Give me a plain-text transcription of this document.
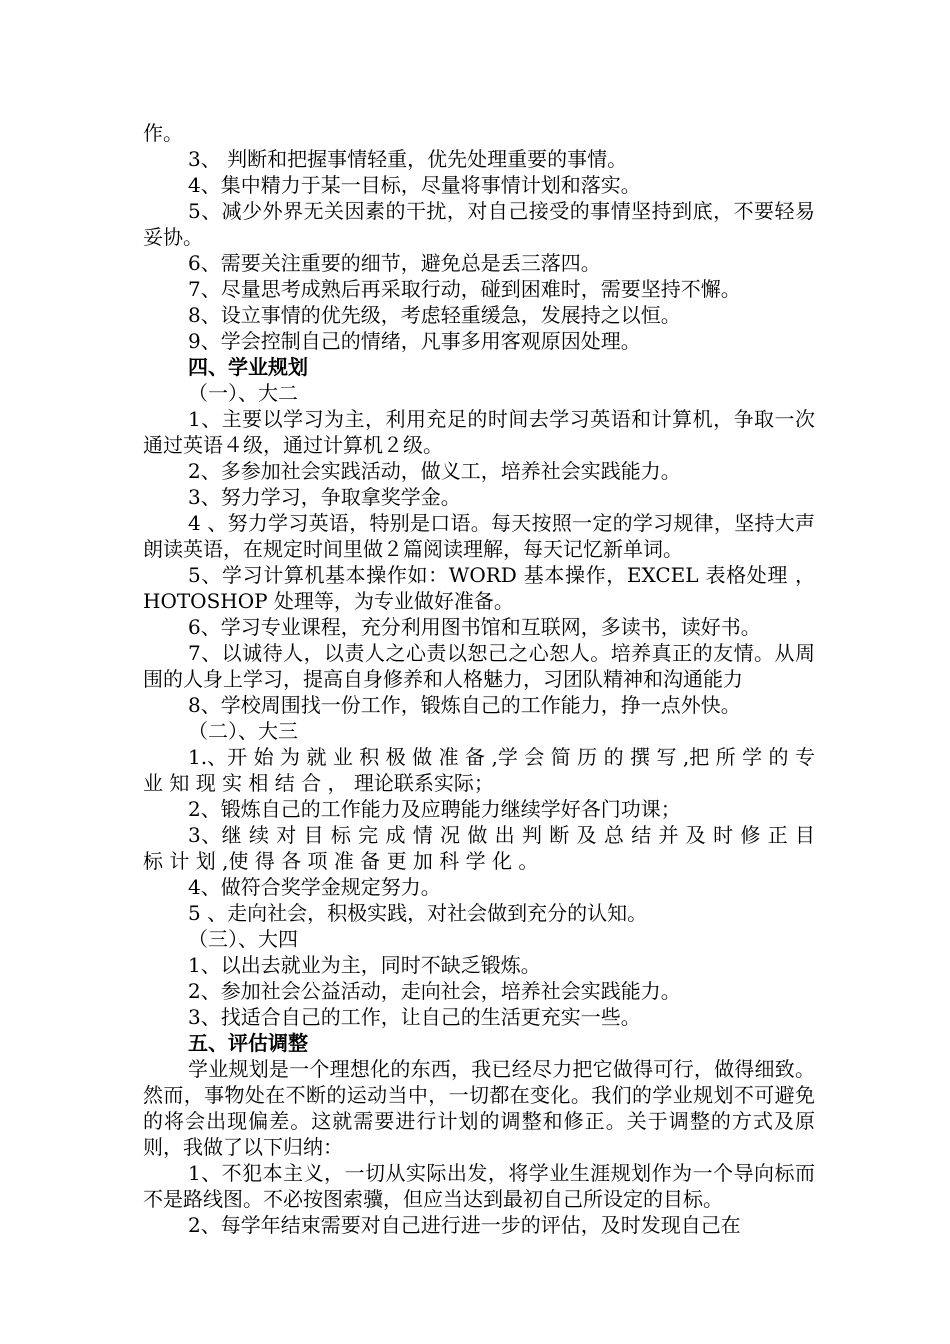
作。

3、 判断和把握事情轻重，优先处理重要的事情。

4、集中精力于某一目标，尽量将事情计划和落实。

5、减少外界无关因素的干扰，对自己接受的事情坚持到底，不要轻易妥协。

6、需要关注重要的细节，避免总是丢三落四。

7、尽量思考成熟后再采取行动，碰到困难时，需要坚持不懈。

8、设立事情的优先级，考虑轻重缓急，发展持之以恒。

9、学会控制自己的情绪，凡事多用客观原因处理。

四、学业规划

（一）、大二

1、主要以学习为主，利用充足的时间去学习英语和计算机，争取一次通过英语４级，通过计算机２级。

2、多参加社会实践活动，做义工，培养社会实践能力。

3、努力学习，争取拿奖学金。

4 、努力学习英语，特别是口语。每天按照一定的学习规律，坚持大声朗读英语，在规定时间里做２篇阅读理解，每天记忆新单词。

5、学习计算机基本操作如：WORD 基本操作，EXCEL 表格处理 ，HOTOSHOP 处理等，为专业做好准备。

6、学习专业课程，充分利用图书馆和互联网，多读书，读好书。

7、以诚待人，以责人之心责以恕己之心恕人。培养真正的友情。从周围的人身上学习，提高自身修养和人格魅力，习团队精神和沟通能力

8、学校周围找一份工作，锻炼自己的工作能力，挣一点外快。

（二）、大三

1.、开 始 为 就 业 积 极 做 准 备 ,学 会 简 历 的 撰 写 ,把 所 学 的 专 业 知 现 实 相 结 合 ， 理论联系实际；

2、锻炼自己的工作能力及应聘能力继续学好各门功课；

3、继 续 对 目 标 完 成 情 况 做 出 判 断 及 总 结 并 及 时 修 正 目 标 计 划 ,使 得 各 项 准 备 更 加 科 学 化 。

4、做符合奖学金规定努力。

5 、走向社会，积极实践，对社会做到充分的认知。

（三）、大四

1、以出去就业为主，同时不缺乏锻炼。

2、参加社会公益活动，走向社会，培养社会实践能力。

3、找适合自己的工作，让自己的生活更充实一些。

五、评估调整

学业规划是一个理想化的东西，我已经尽力把它做得可行，做得细致。然而，事物处在不断的运动当中，一切都在变化。我们的学业规划不可避免的将会出现偏差。这就需要进行计划的调整和修正。关于调整的方式及原则，我做了以下归纳：

1、不犯本主义，一切从实际出发，将学业生涯规划作为一个导向标而不是路线图。不必按图索骥，但应当达到最初自己所设定的目标。

2、每学年结束需要对自己进行进一步的评估，及时发现自己在
